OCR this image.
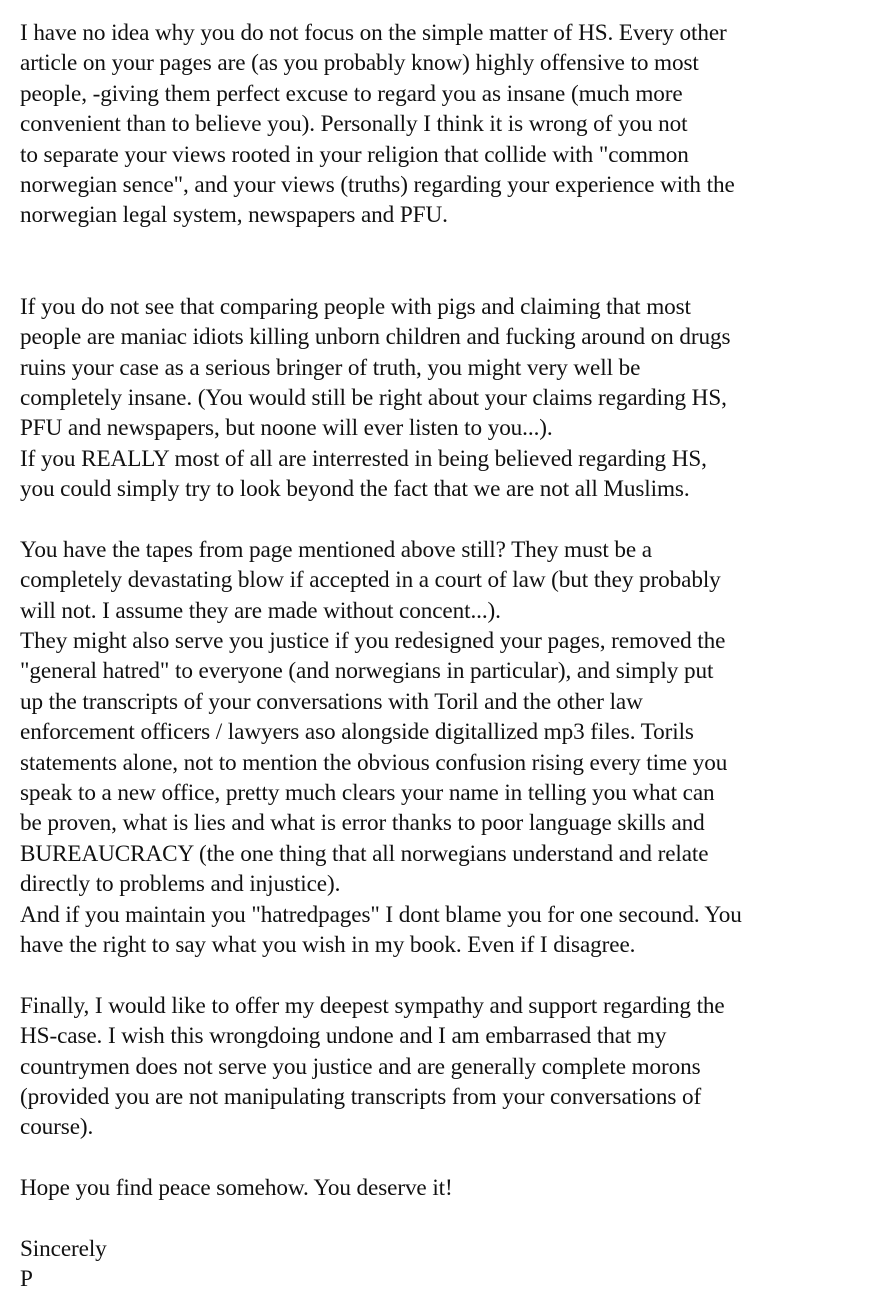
I have no idea why you do not focus on the simple matter of HS. Every other
article on your pages are (as you probably know) highly offensive to most
people, -giving them perfect excuse to regard you as insane (much more
convenient than to believe you). Personally I think it is wrong of you not
to separate your views rooted in your religion that collide with "common
norwegian sence", and your views (truths) regarding your experience with the
norwegian legal system, newspapers and PFU.
If you do not see that comparing people with pigs and claiming that most
people are maniac idiots killing unborn children and fucking around on drugs
ruins your case as a serious bringer of truth, you might very well be
completely insane. (You would still be right about your claims regarding HS,
PFU and newspapers, but noone will ever listen to you...).
If you REALLY most of all are interrested in being believed regarding HS,
you could simply try to look beyond the fact that we are not all Muslims.
You have the tapes from page mentioned above still? They must be a
completely devastating blow if accepted in a court of law (but they probably
will not. I assume they are made without concent...).
They might also serve you justice if you redesigned your pages, removed the
"general hatred" to everyone (and norwegians in particular), and simply put
up the transcripts of your conversations with Toril and the other law
enforcement officers / lawyers aso alongside digitallized mp3 files. Torils
statements alone, not to mention the obvious confusion rising every time you
speak to a new office, pretty much clears your name in telling you what can
be proven, what is lies and what is error thanks to poor language skills and
BUREAUCRACY (the one thing that all norwegians understand and relate
directly to problems and injustice).
And if you maintain you "hatredpages" I dont blame you for one secound. You
have the right to say what you wish in my book. Even if I disagree.
Finally, I would like to offer my deepest sympathy and support regarding the
HS-case. I wish this wrongdoing undone and I am embarrased that my
countrymen does not serve you justice and are generally complete morons
(provided you are not manipulating transcripts from your conversations of
course).
Hope you find peace somehow. You deserve it!
Sincerely
P
